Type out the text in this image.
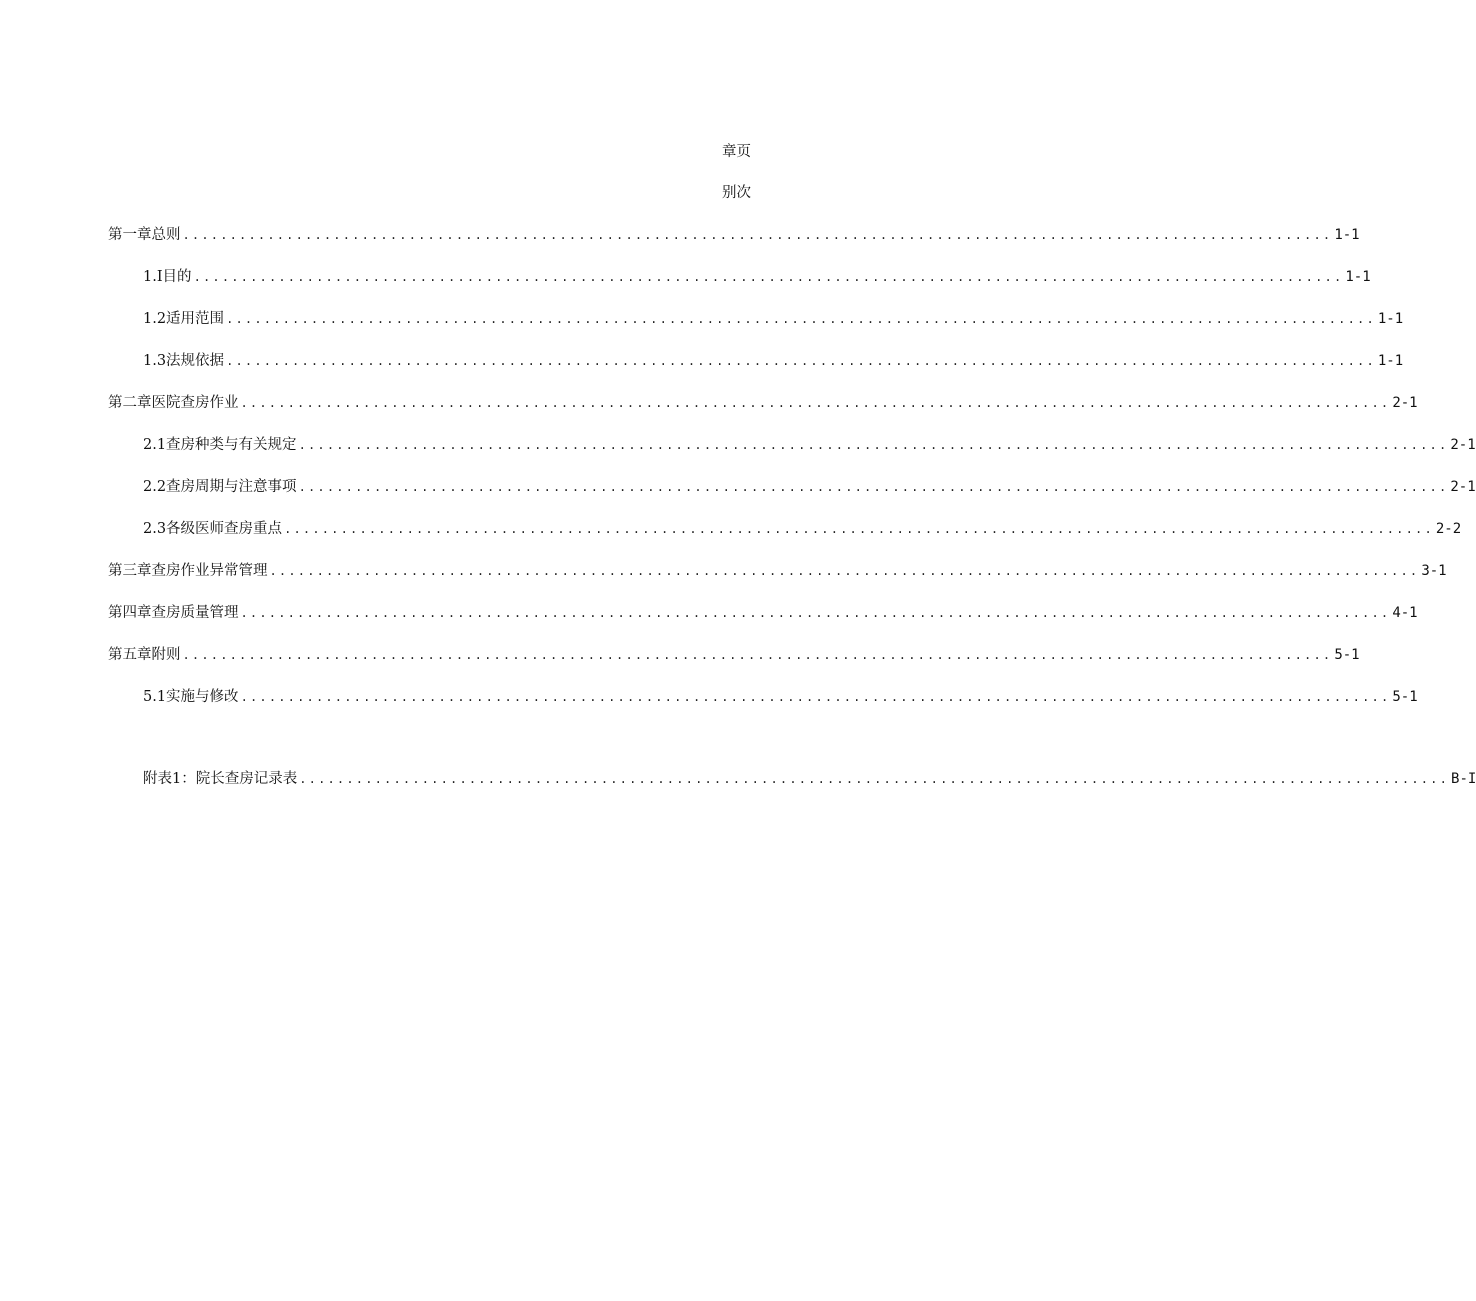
章页
别次
第一章总则 .......................................................................................................................... 1-1
1.I目的 .......................................................................................................................... 1-1
1.2适用范围 .......................................................................................................................... 1-1
1.3法规依据 .......................................................................................................................... 1-1
第二章医院查房作业 .......................................................................................................................... 2-1
2.1查房种类与有关规定 .......................................................................................................................... 2-1
2.2查房周期与注意事项 .......................................................................................................................... 2-1
2.3各级医师查房重点 .......................................................................................................................... 2-2
第三章查房作业异常管理 .......................................................................................................................... 3-1
第四章查房质量管理 .......................................................................................................................... 4-1
第五章附则 .......................................................................................................................... 5-1
5.1实施与修改 .......................................................................................................................... 5-1
附表1：院长查房记录表 .......................................................................................................................... B-I
